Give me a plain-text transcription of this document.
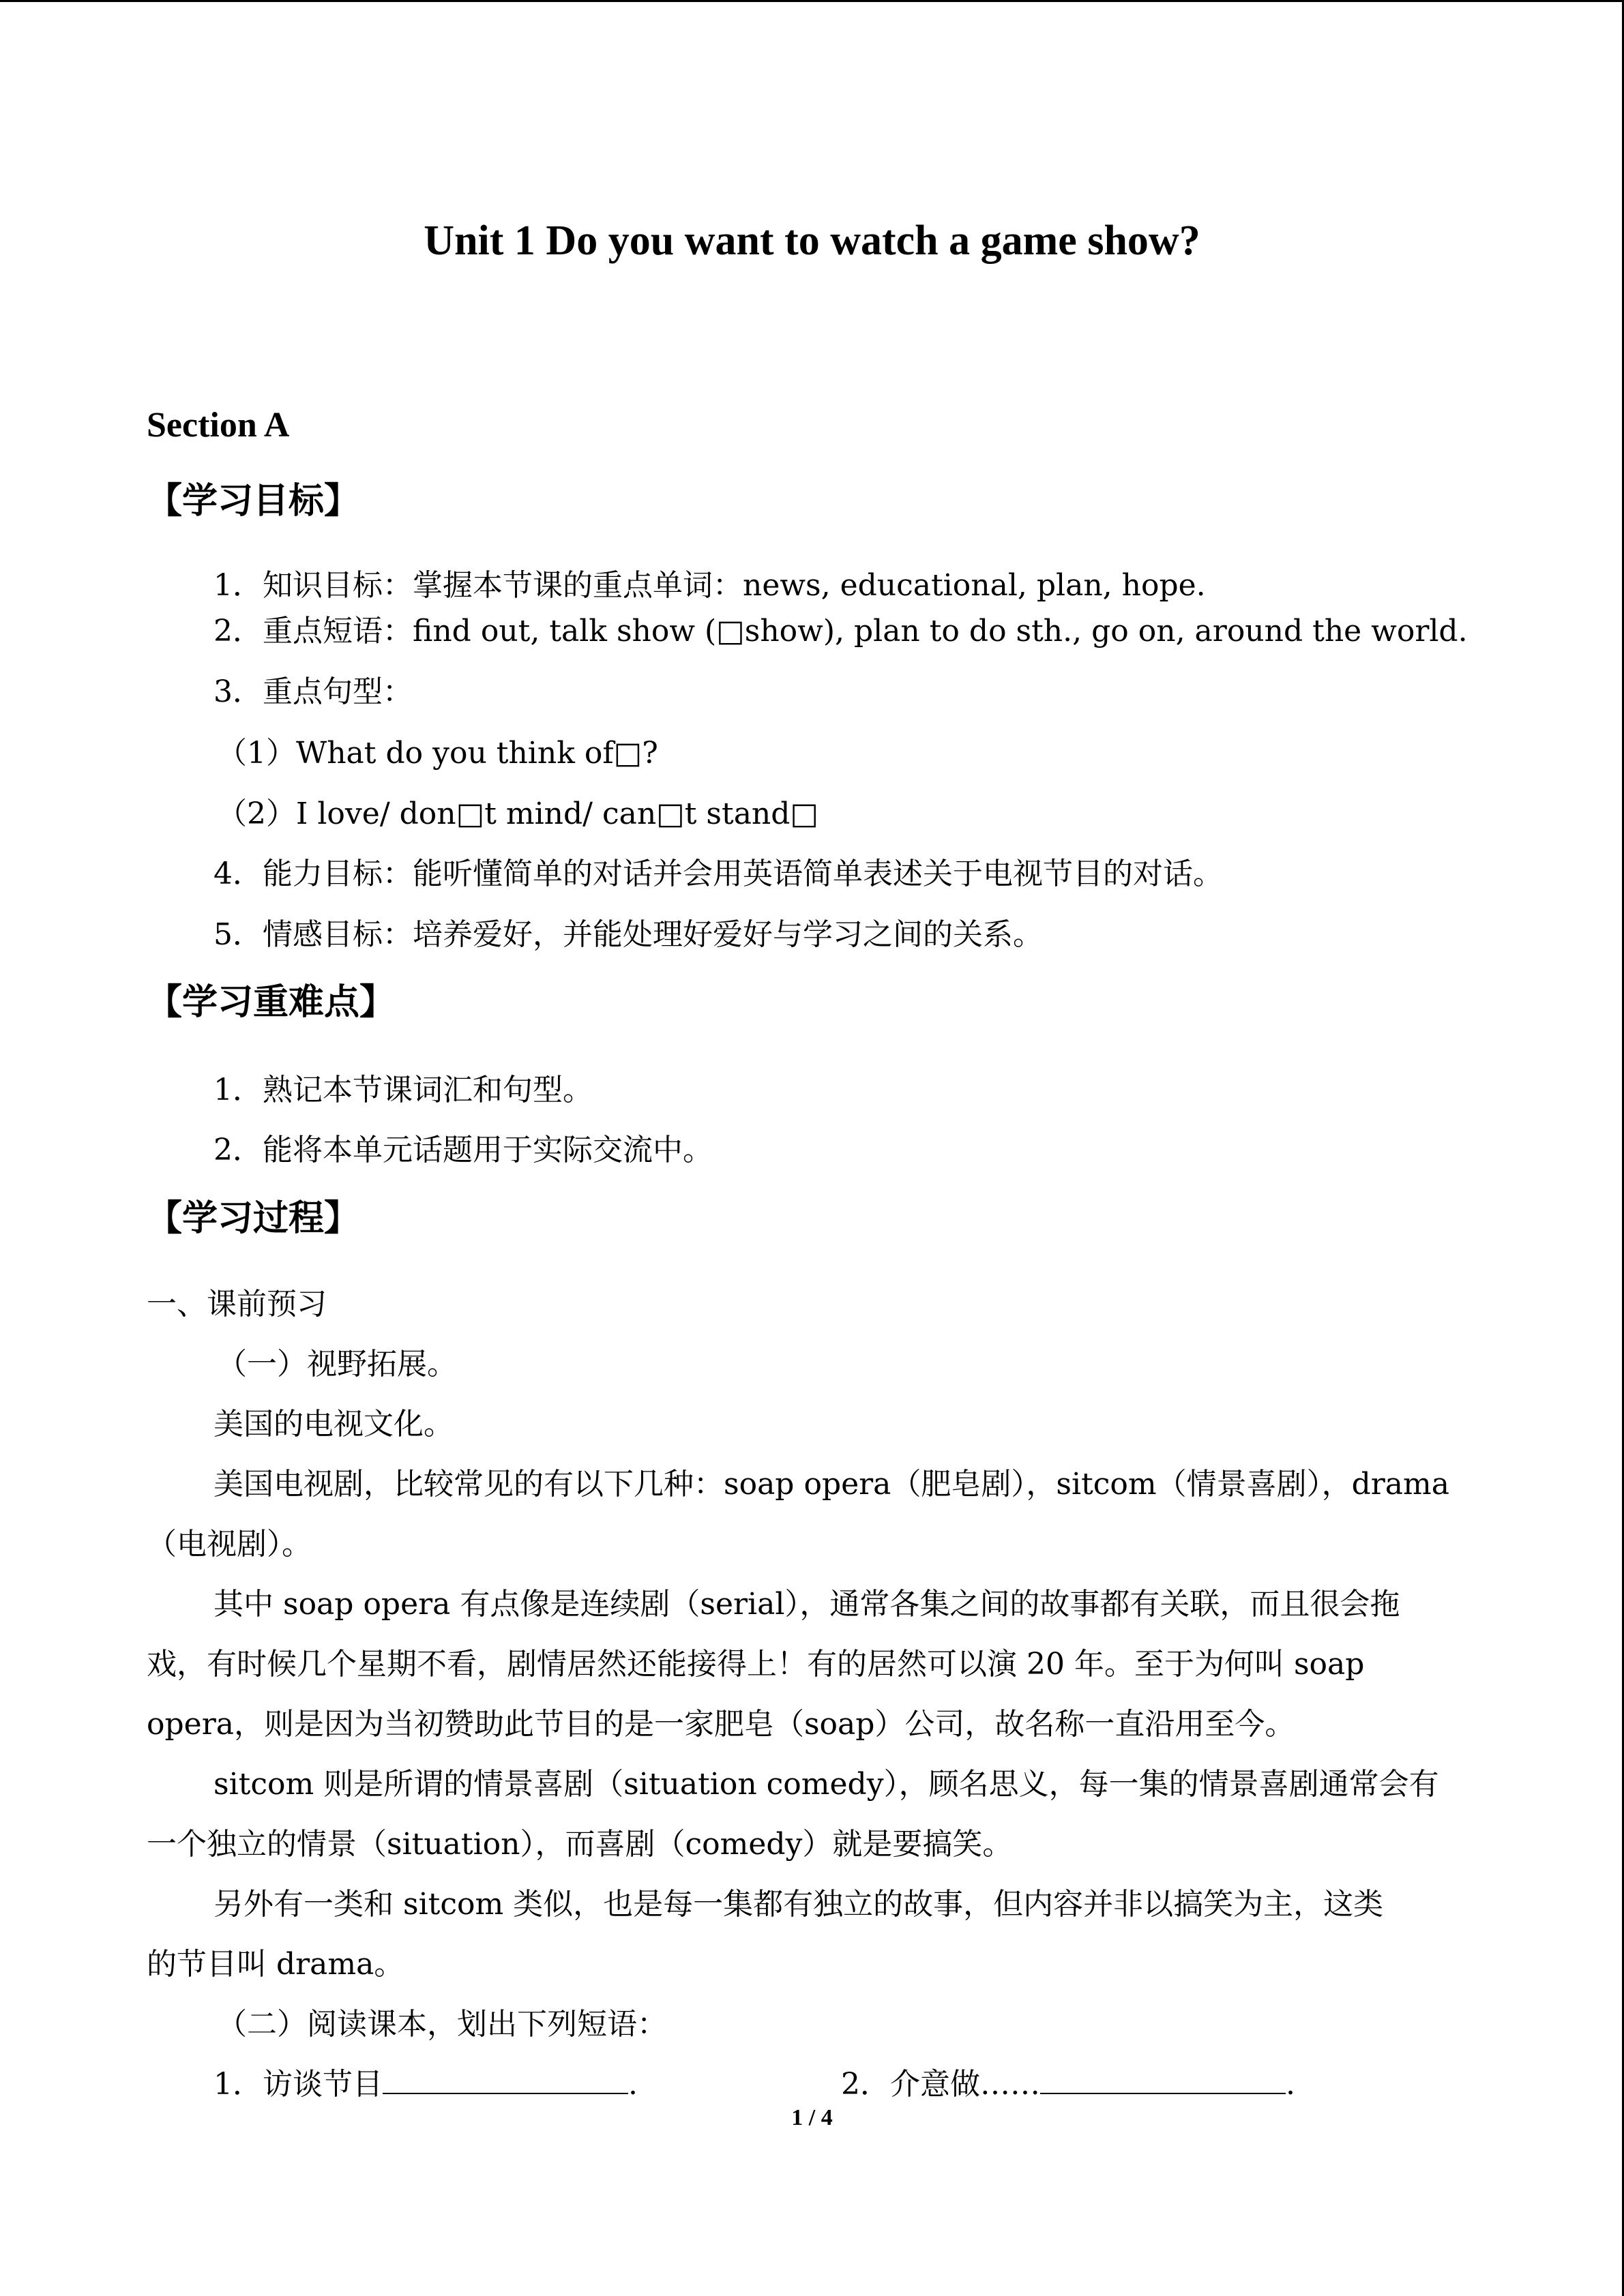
Unit 1 Do you want to watch a game show?
Section A
【学习目标】
1．知识目标：掌握本节课的重点单词：news, educational, plan, hope.
2．重点短语：find out, talk show (□show), plan to do sth., go on, around the world.
3．重点句型：
（1）What do you think of□?
（2）I love/ don□t mind/ can□t stand□
4．能力目标：能听懂简单的对话并会用英语简单表述关于电视节目的对话。
5．情感目标：培养爱好，并能处理好爱好与学习之间的关系。
【学习重难点】
1．熟记本节课词汇和句型。
2．能将本单元话题用于实际交流中。
【学习过程】
一、课前预习
（一）视野拓展。
美国的电视文化。
美国电视剧，比较常见的有以下几种：soap opera（肥皂剧），sitcom（情景喜剧），drama
（电视剧）。
其中 soap opera 有点像是连续剧（serial），通常各集之间的故事都有关联，而且很会拖
戏，有时候几个星期不看，剧情居然还能接得上！有的居然可以演 20 年。至于为何叫 soap
opera，则是因为当初赞助此节目的是一家肥皂（soap）公司，故名称一直沿用至今。
sitcom 则是所谓的情景喜剧（situation comedy），顾名思义，每一集的情景喜剧通常会有
一个独立的情景（situation），而喜剧（comedy）就是要搞笑。
另外有一类和 sitcom 类似，也是每一集都有独立的故事，但内容并非以搞笑为主，这类
的节目叫 drama。
（二）阅读课本，划出下列短语：
1．访谈节目	.	2．介意做……	.
1 / 4
